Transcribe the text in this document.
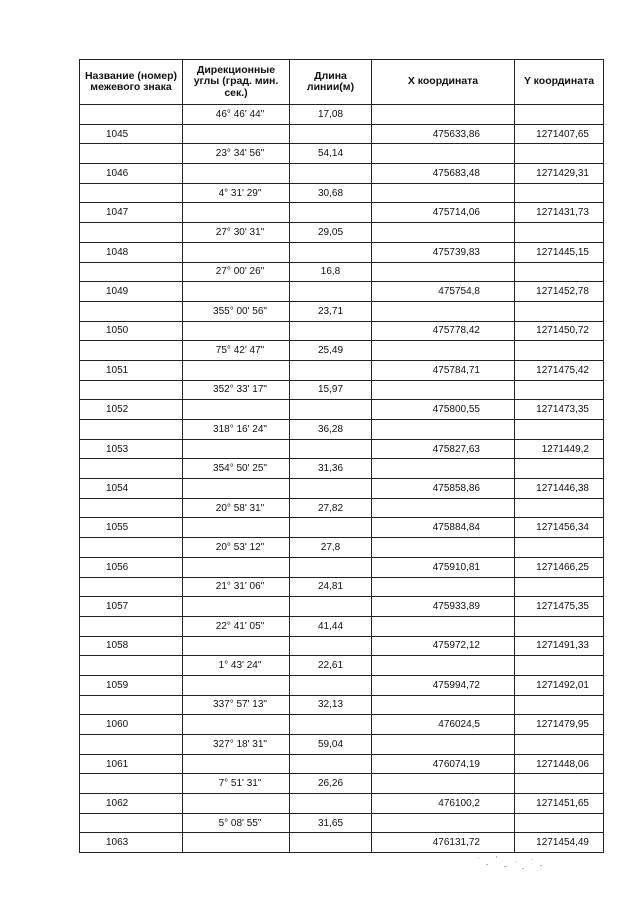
Название (номер) межевого знака	Дирекционные углы (град. мин. сек.)	Длина линии(м)	X координата	Y координата
	46° 46' 44"	17,08		
1045			475633,86	1271407,65
	23° 34' 56"	54,14		
1046			475683,48	1271429,31
	4° 31' 29"	30,68		
1047			475714,06	1271431,73
	27° 30' 31"	29,05		
1048			475739,83	1271445,15
	27° 00' 26"	16,8		
1049			475754,8	1271452,78
	355° 00' 56"	23,71		
1050			475778,42	1271450,72
	75° 42' 47"	25,49		
1051			475784,71	1271475,42
	352° 33' 17"	15,97		
1052			475800,55	1271473,35
	318° 16' 24"	36,28		
1053			475827,63	1271449,2
	354° 50' 25"	31,36		
1054			475858,86	1271446,38
	20° 58' 31"	27,82		
1055			475884,84	1271456,34
	20° 53' 12"	27,8		
1056			475910,81	1271466,25
	21° 31' 06"	24,81		
1057			475933,89	1271475,35
	22° 41' 05"	41,44		
1058			475972,12	1271491,33
	1° 43' 24"	22,61		
1059			475994,72	1271492,01
	337° 57' 13"	32,13		
1060			476024,5	1271479,95
	327° 18' 31"	59,04		
1061			476074,19	1271448,06
	7° 51' 31"	26,26		
1062			476100,2	1271451,65
	5° 08' 55"	31,65		
1063			476131,72	1271454,49
